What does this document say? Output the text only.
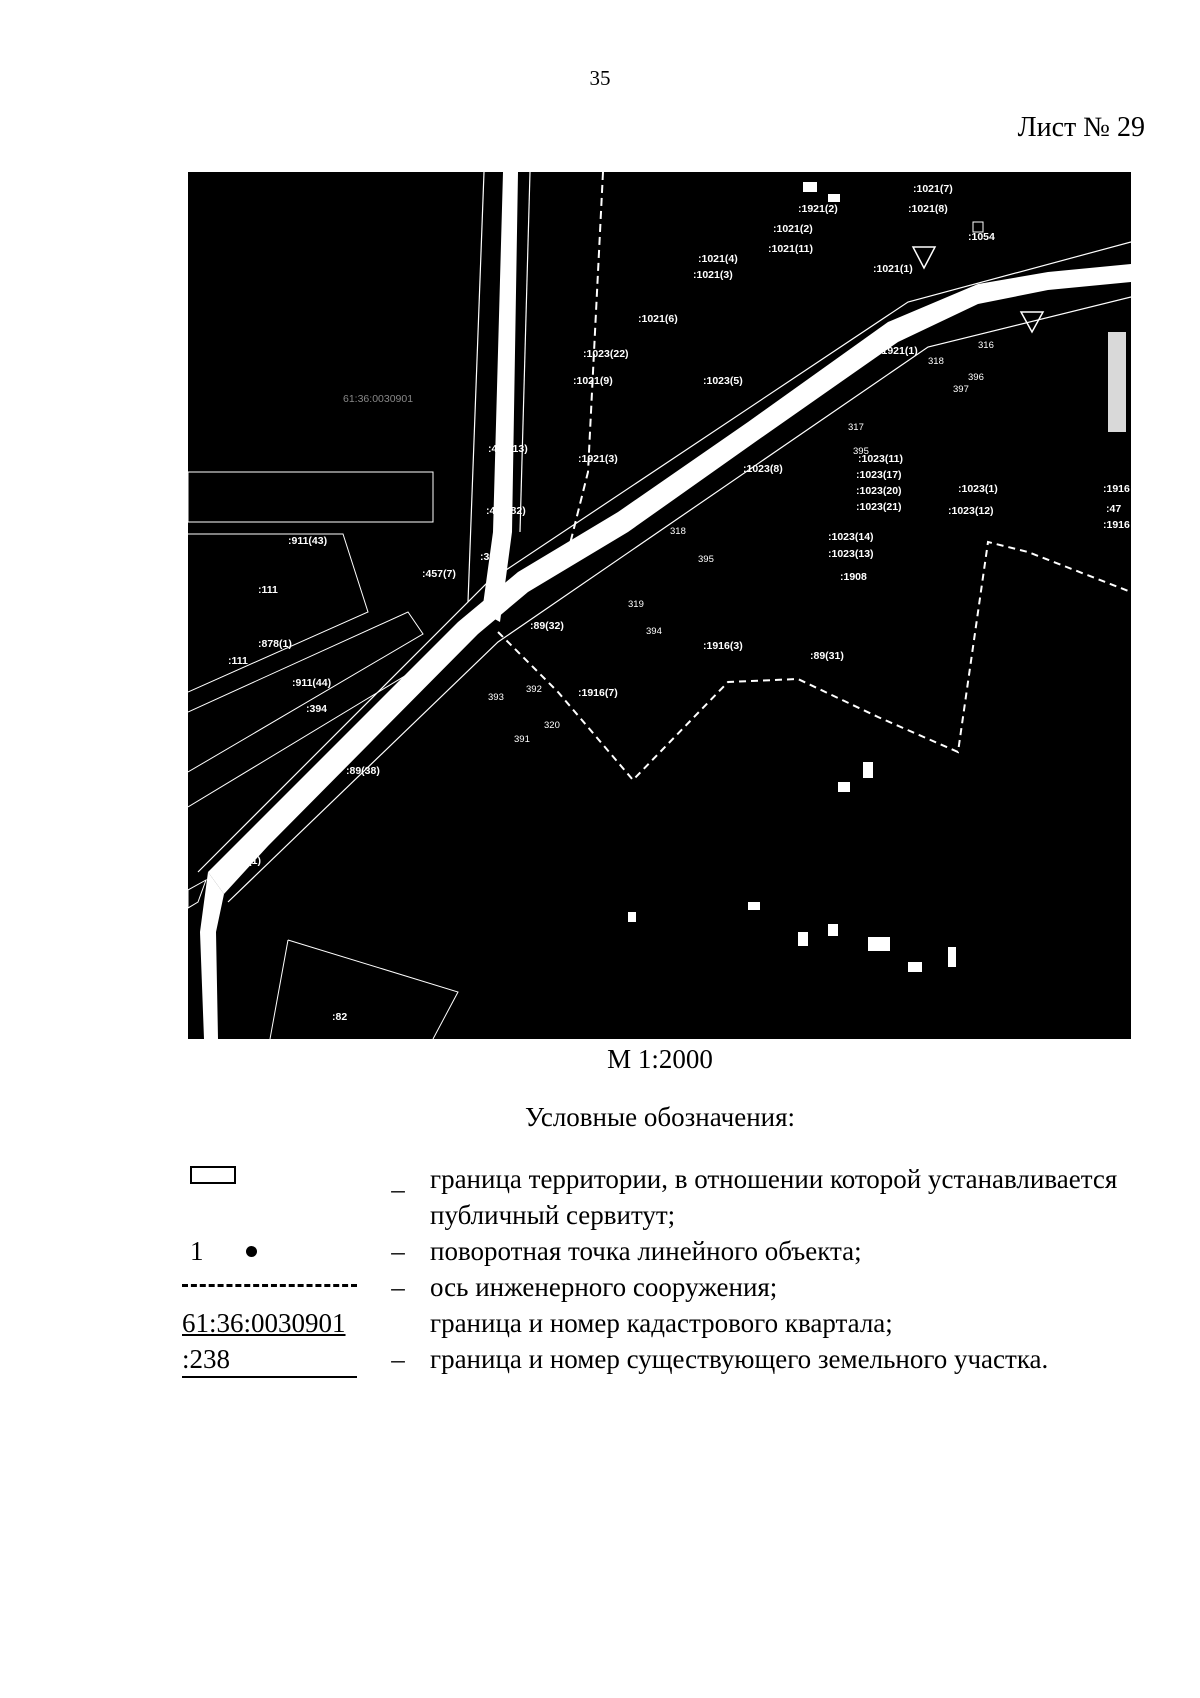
35
Лист № 29
:1021(7)
:1921(2)	:1021(8)
:1021(2)
:1021(11)
:1021(4)
:1021(3)	:1021(1)
:1021(6)
:1023(22)
:1021(9)	:1023(5)
:1921(1)
:457(13)
:1921(3)
:1023(8)
:1023(11)
:1023(17)
:1023(20)
:1023(21)
:1023(1)
:1023(12)
:457(82)
:911(43)
:393
:1023(14)
:1023(13)
:457(7)
:111
:89(32)
:1916(3)
:89(31)
:878(1)
:111
:911(44)
:1916(7)
:394
:89(38)
:89(1)
:82
:1916
:47
:1916
:1908
:1054
316
318
397
396
317
395
318
395
319
394
391
320
393
392
61:36:0030901
М 1:2000
Условные обозначения:
– граница территории, в отношении которой устанавливается публичный сервитут;
1	– поворотная точка линейного объекта;
– ось инженерного сооружения;
61:36:0030901	граница и номер кадастрового квартала;
:238	– граница и номер существующего земельного участка.
